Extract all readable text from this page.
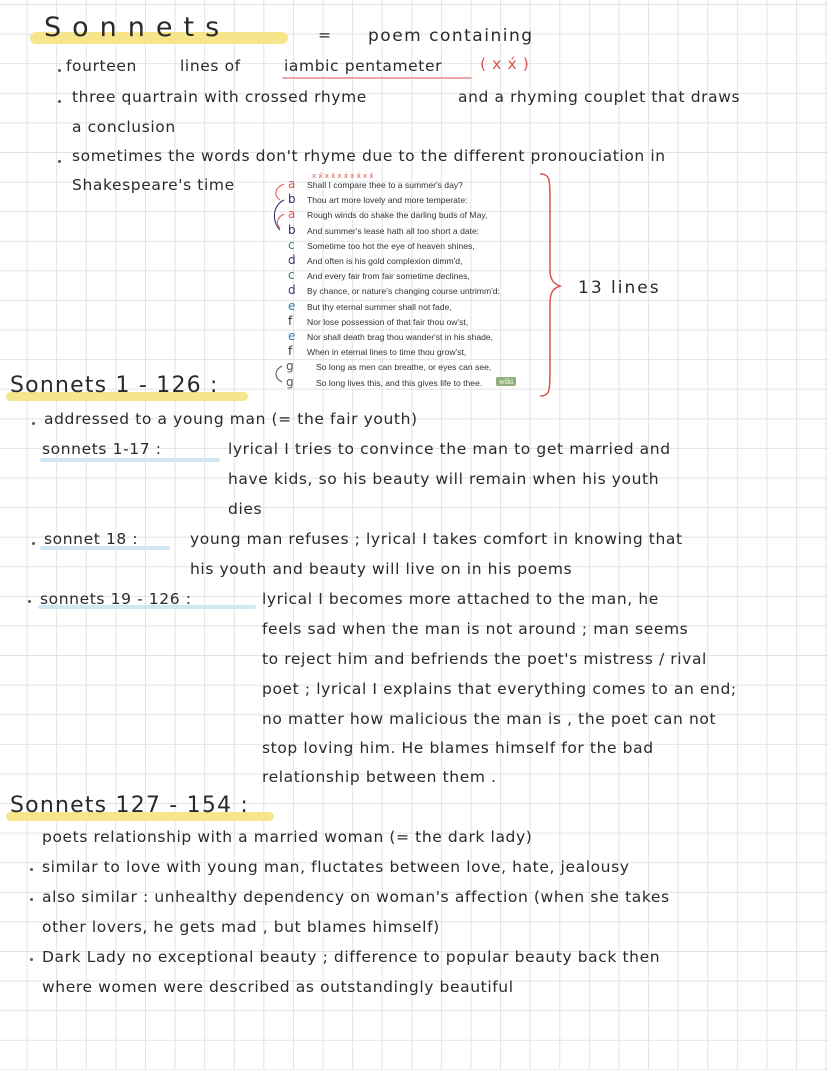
Sonnets	= poem containing
fourteen	lines of	iambic pentameter ( x x́ )
three quartrain with crossed rhyme	and a rhyming couplet that draws
a conclusion
sometimes the words don't rhyme due to the different pronouciation in
Shakespeare's time	x x́ x x́ x x́ x x́ x x́
a Shall I compare thee to a summer's day?
b Thou art more lovely and more temperate:
a Rough winds do shake the darling buds of May,
b And summer's lease hath all too short a date:
c Sometime too hot the eye of heaven shines,
d And often is his gold complexion dimm'd,
c And every fair from fair sometime declines,
d By chance, or nature's changing course untrimm'd:
e But thy eternal summer shall not fade,
f Nor lose possession of that fair thou ow'st,
e Nor shall death brag thou wander'st in his shade,
f When in eternal lines to time thou grow'st,
g	So long as men can breathe, or eyes can see,
g	So long lives this, and this gives life to thee.	wiki
13 lines
Sonnets 1 - 126 :
addressed to a young man (= the fair youth)
sonnets 1-17 :	lyrical I tries to convince the man to get married and
have kids, so his beauty will remain when his youth
dies
sonnet 18 :	young man refuses ; lyrical I takes comfort in knowing that
his youth and beauty will live on in his poems
sonnets 19 - 126 :	lyrical I becomes more attached to the man, he
feels sad when the man is not around ; man seems
to reject him and befriends the poet's mistress / rival
poet ; lyrical I explains that everything comes to an end;
no matter how malicious the man is , the poet can not
stop loving him. He blames himself for the bad
relationship between them .
Sonnets 127 - 154 :
poets relationship with a married woman (= the dark lady)
similar to love with young man, fluctates between love, hate, jealousy
also similar : unhealthy dependency on woman's affection (when she takes
other lovers, he gets mad , but blames himself)
Dark Lady no exceptional beauty ; difference to popular beauty back then
where women were described as outstandingly beautiful
